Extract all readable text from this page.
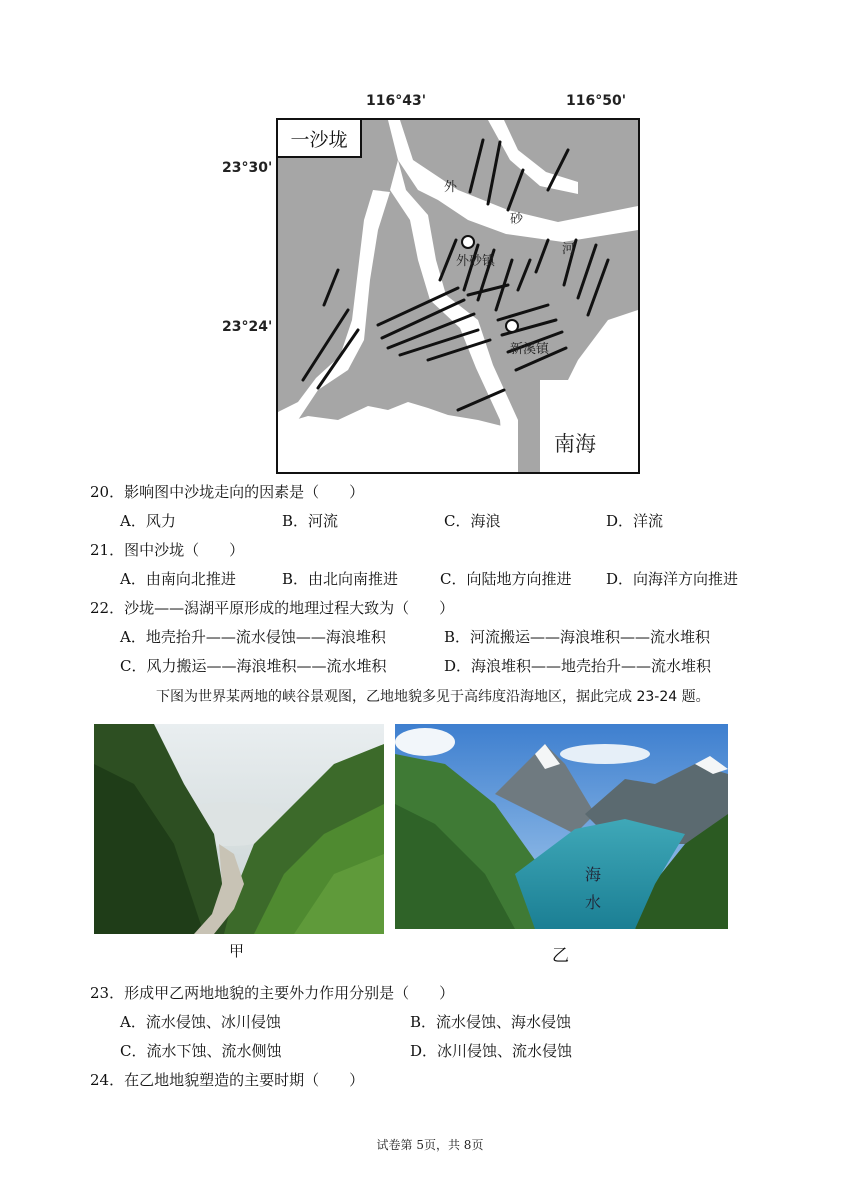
116°43'	116°50'
23°30'
23°24'
一沙垅
外
砂
河
外砂镇
新溪镇
南海
20．影响图中沙垅走向的因素是（　　）
A．风力	B．河流	C．海浪	D．洋流
21．图中沙垅（　　）
A．由南向北推进	B．由北向南推进	C．向陆地方向推进 D．向海洋方向推进
22．沙垅——潟湖平原形成的地理过程大致为（　　）
A．地壳抬升——流水侵蚀——海浪堆积	B．河流搬运——海浪堆积——流水堆积
C．风力搬运——海浪堆积——流水堆积	D．海浪堆积——地壳抬升——流水堆积
下图为世界某两地的峡谷景观图，乙地地貌多见于高纬度沿海地区，据此完成 23-24 题。
海
水
甲	乙
23．形成甲乙两地地貌的主要外力作用分别是（　　）
A．流水侵蚀、冰川侵蚀	B．流水侵蚀、海水侵蚀
C．流水下蚀、流水侧蚀	D．冰川侵蚀、流水侵蚀
24．在乙地地貌塑造的主要时期（　　）
试卷第 5页，共 8页
